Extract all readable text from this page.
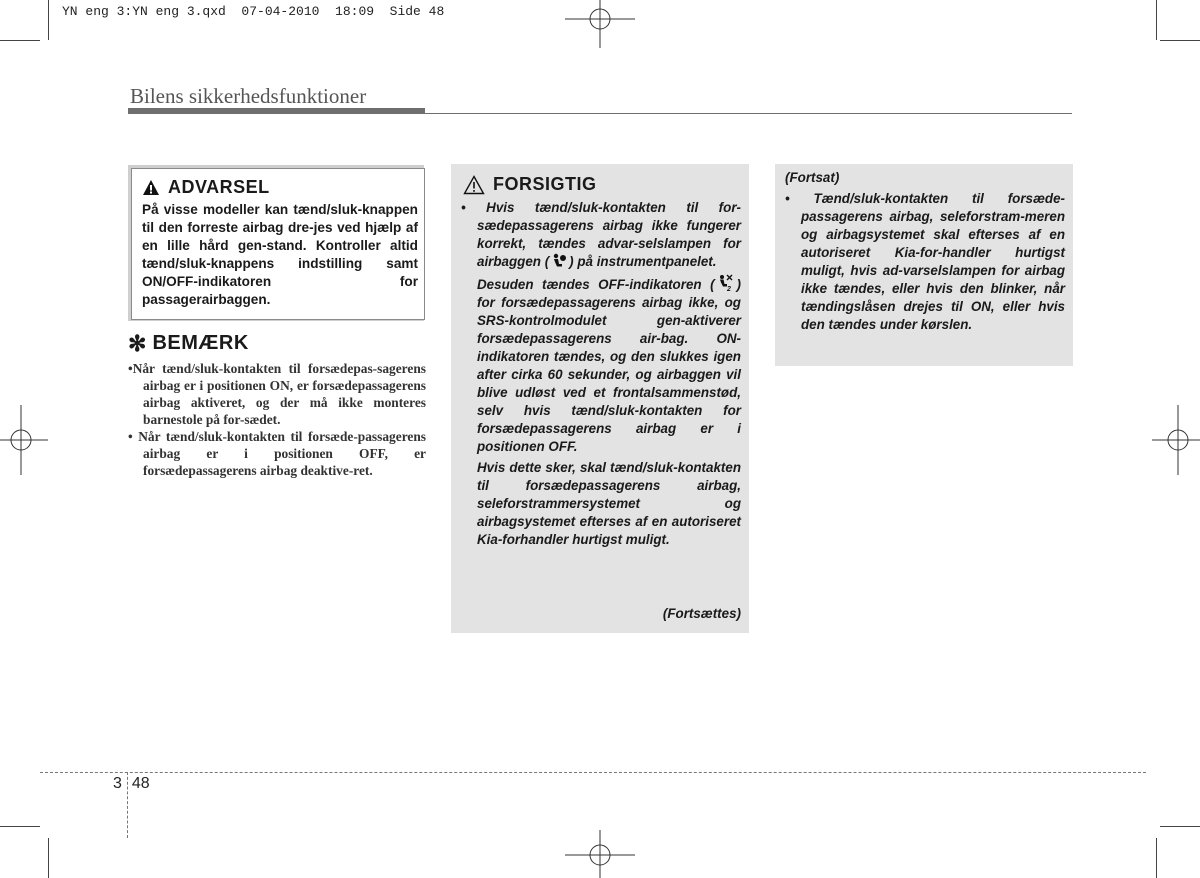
YN eng 3:YN eng 3.qxd  07-04-2010  18:09  Side 48
Bilens sikkerhedsfunktioner
ADVARSEL
På visse modeller kan tænd/sluk-knappen til den forreste airbag dre-jes ved hjælp af en lille hård gen-stand. Kontroller altid tænd/sluk-knappens indstilling samt ON/OFF-indikatoren for passagerairbaggen.
✻ BEMÆRK
•Når tænd/sluk-kontakten til forsædepas-sagerens airbag er i positionen ON, er forsædepassagerens airbag aktiveret, og der må ikke monteres barnestole på for-sædet.
• Når tænd/sluk-kontakten til forsæde-passagerens airbag er i positionen OFF, er forsædepassagerens airbag deaktive-ret.
FORSIGTIG

• Hvis tænd/sluk-kontakten til for-sædepassagerens airbag ikke fungerer korrekt, tændes advar-selslampen for airbaggen ( ) på instrumentpanelet.

Desuden tændes OFF-indikatoren ( 2 ) for forsædepassagerens airbag ikke, og SRS-kontrolmodulet gen-aktiverer forsædepassagerens air-bag. ON-indikatoren tændes, og den slukkes igen after cirka 60 sekunder, og airbaggen vil blive udløst ved et frontalsammenstød, selv hvis tænd/sluk-kontakten for forsædepassagerens airbag er i positionen OFF.

Hvis dette sker, skal tænd/sluk-kontakten til forsædepassagerens airbag, seleforstrammersystemet og airbagsystemet efterses af en autoriseret Kia-forhandler hurtigst muligt.

(Fortsættes)
(Fortsat)

• Tænd/sluk-kontakten til forsæde-passagerens airbag, seleforstram-meren og airbagsystemet skal efterses af en autoriseret Kia-for-handler hurtigst muligt, hvis ad-varselslampen for airbag ikke tændes, eller hvis den blinker, når tændingslåsen drejes til ON, eller hvis den tændes under kørslen.

3 48
